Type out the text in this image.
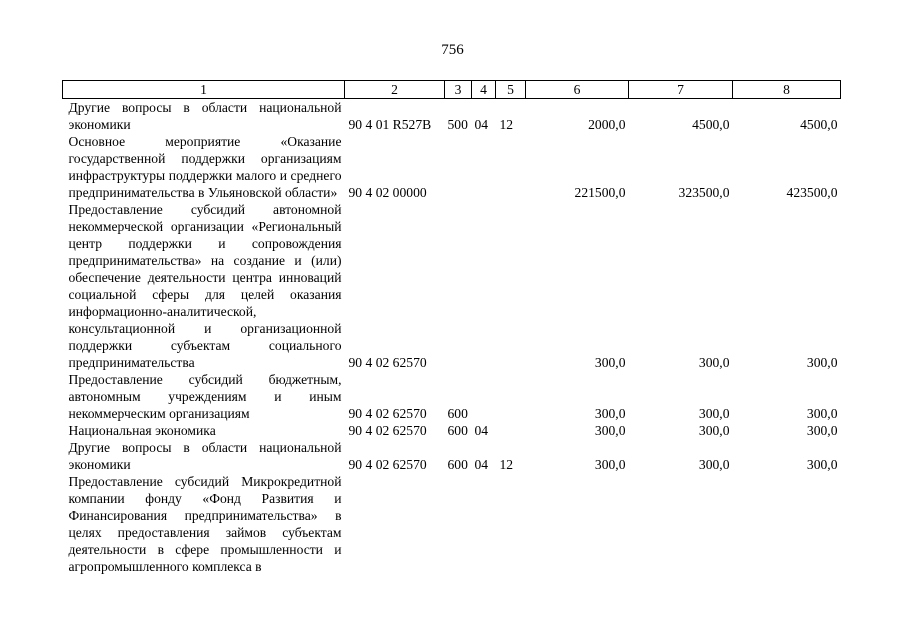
756
1	2	3	4	5	6	7	8
Другие вопросы в области национальной экономики	90 4 01 R527B	500	04	12	2000,0	4500,0	4500,0
Основное мероприятие «Оказание государственной поддержки организациям инфраструктуры поддержки малого и среднего предпринимательства в Ульяновской области»	90 4 02 00000				221500,0	323500,0	423500,0
Предоставление субсидий автономной некоммерческой организации «Региональный центр поддержки и сопровождения предпринимательства» на создание и (или) обеспечение деятельности центра инноваций социальной сферы для целей оказания информационно-аналитической, консультационной и организационной поддержки субъектам социального предпринимательства	90 4 02 62570				300,0	300,0	300,0
Предоставление субсидий бюджетным, автономным учреждениям и иным некоммерческим организациям	90 4 02 62570	600			300,0	300,0	300,0
Национальная экономика	90 4 02 62570	600	04		300,0	300,0	300,0
Другие вопросы в области национальной экономики	90 4 02 62570	600	04	12	300,0	300,0	300,0
Предоставление субсидий Микрокредитной компании фонду «Фонд Развития и Финансирования предпринимательства» в целях предоставления займов субъектам деятельности в сфере промышленности и агропромышленного комплекса в							
